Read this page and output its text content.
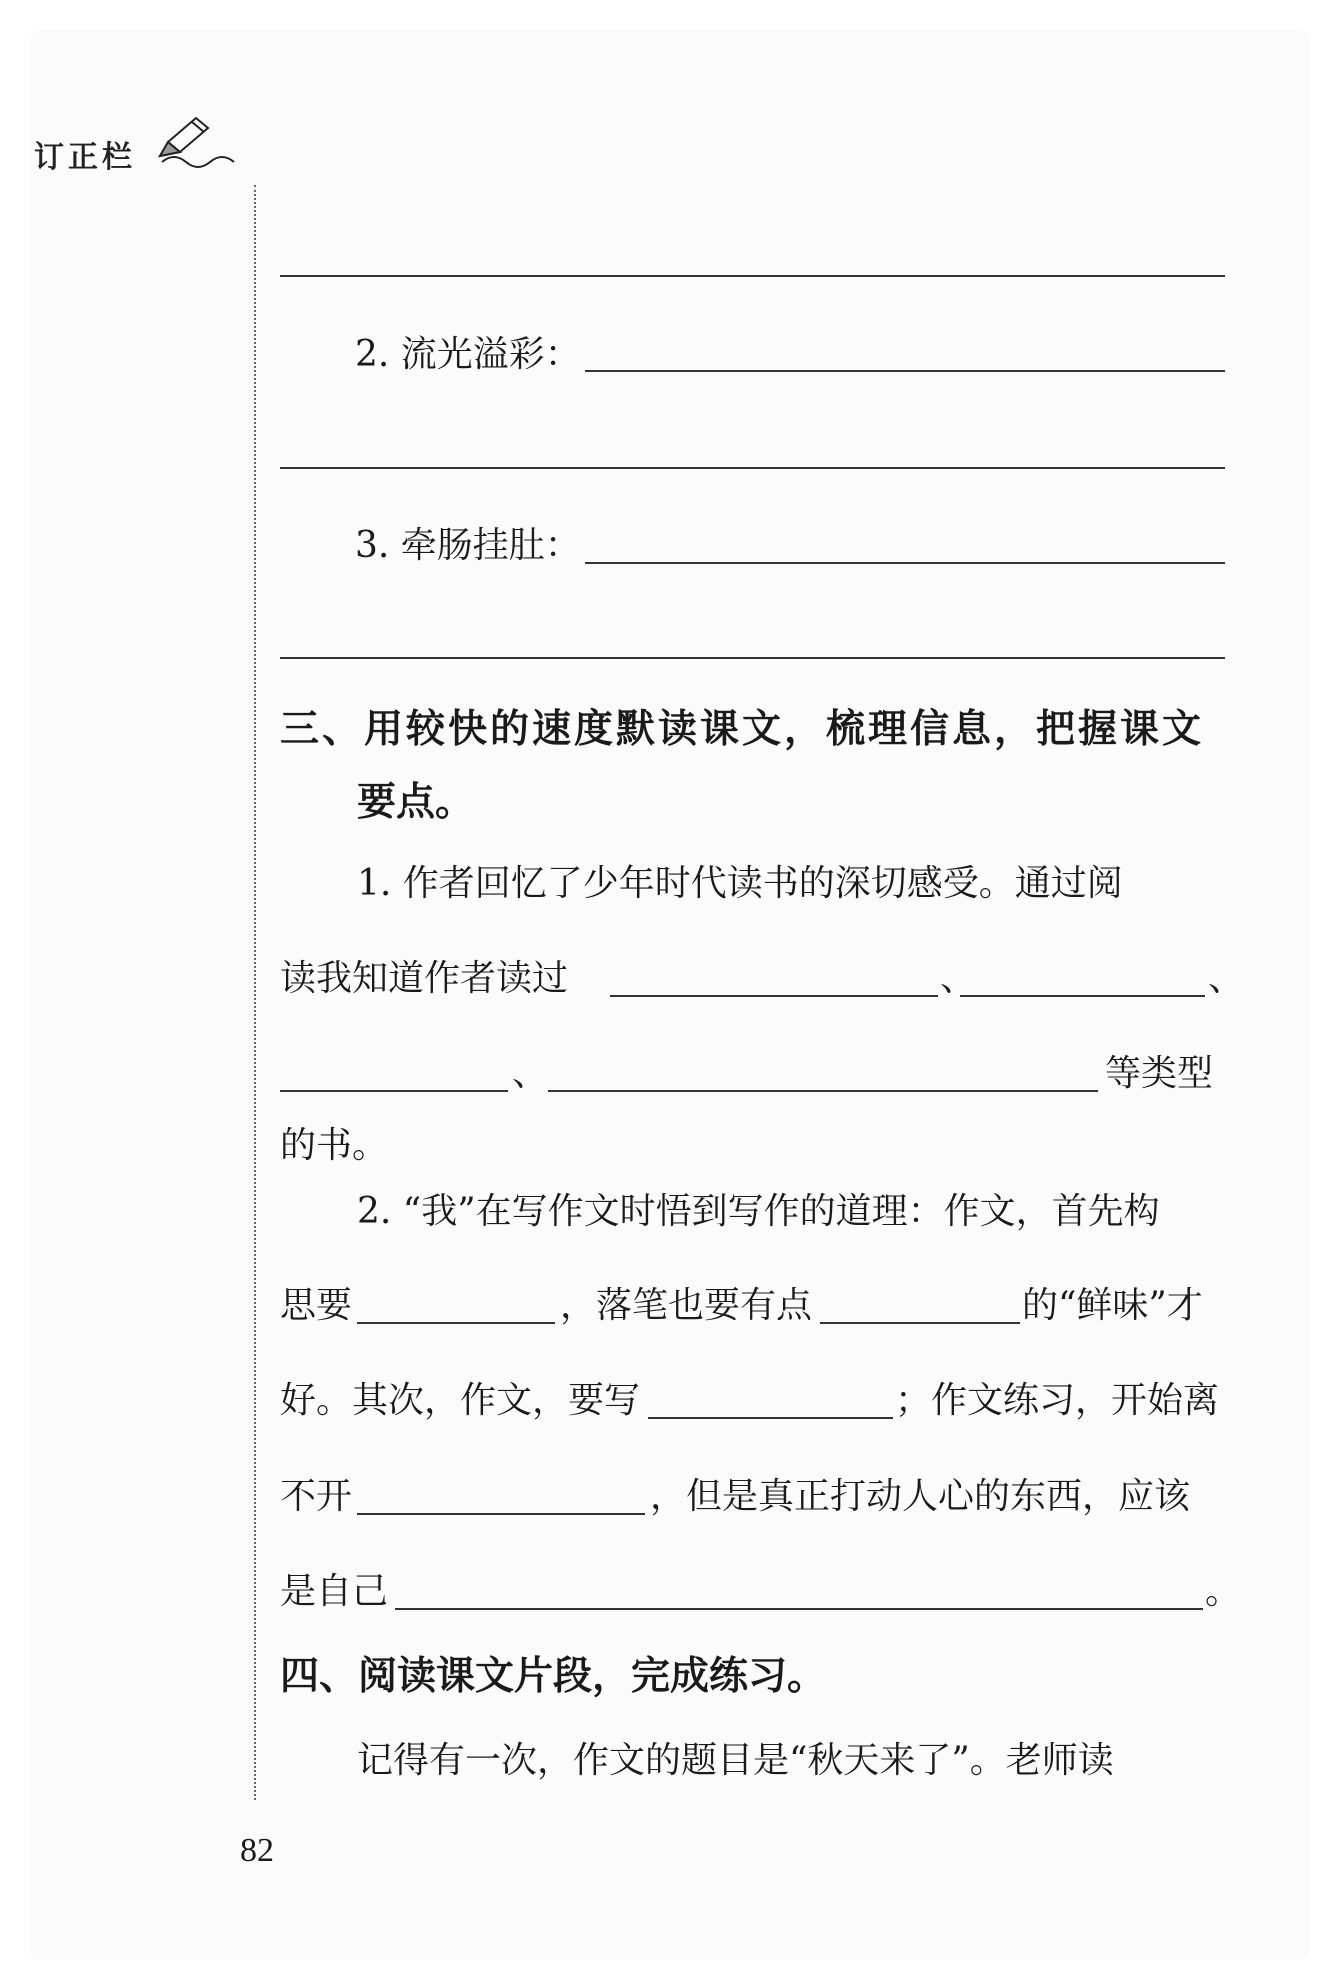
订正栏
2. 流光溢彩：
3. 牵肠挂肚：
三、用较快的速度默读课文，梳理信息，把握课文
要点。
1. 作者回忆了少年时代读书的深切感受。通过阅
读我知道作者读过	、	、
、	等类型
的书。
2. “我”在写作文时悟到写作的道理：作文，首先构
思要	，落笔也要有点	的“鲜味”才
好。其次，作文，要写	；作文练习，开始离
不开	，但是真正打动人心的东西，应该
是自己	。
四、阅读课文片段，完成练习。
记得有一次，作文的题目是“秋天来了”。老师读
82
